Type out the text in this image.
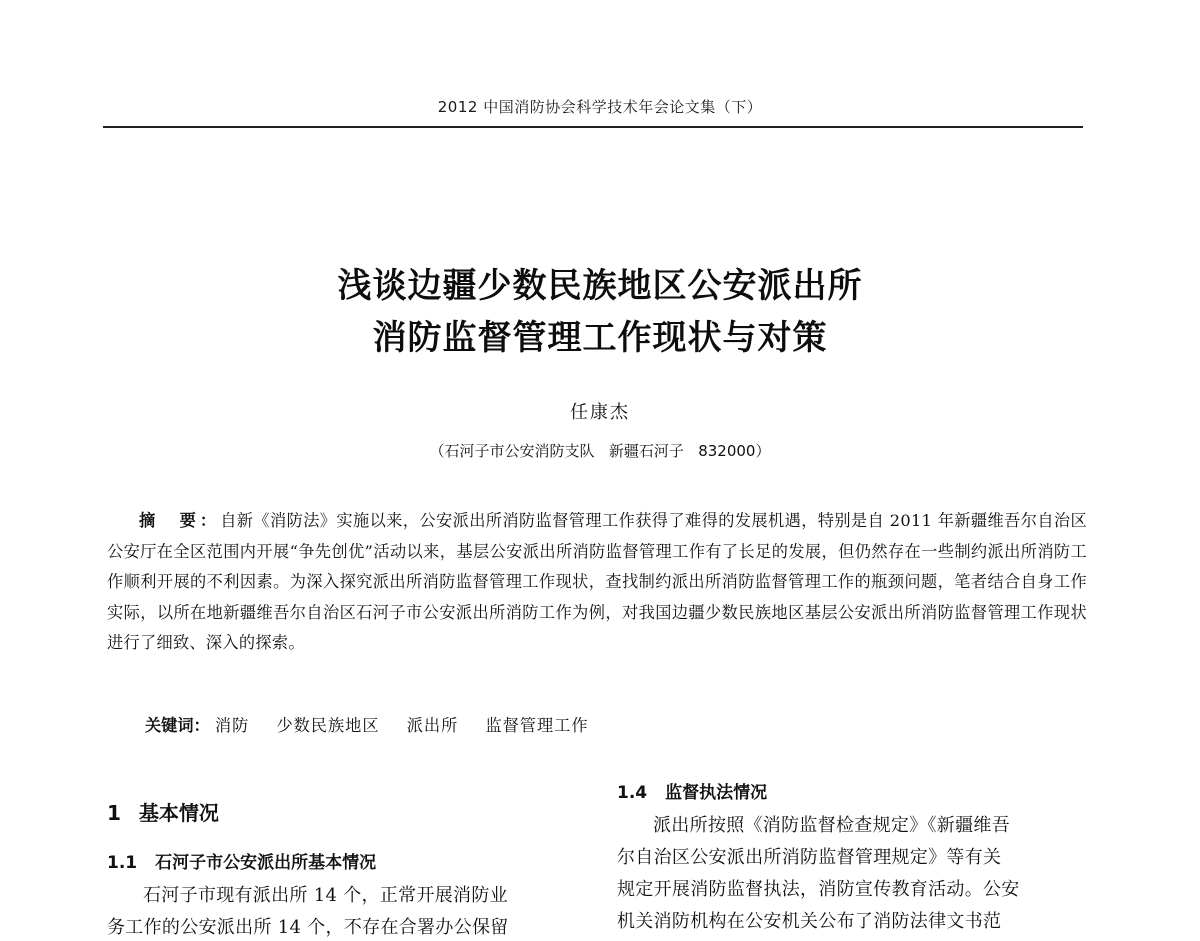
2012 中国消防协会科学技术年会论文集（下）
浅谈边疆少数民族地区公安派出所
消防监督管理工作现状与对策
任康杰
（石河子市公安消防支队 新疆石河子 832000）
摘　要：自新《消防法》实施以来，公安派出所消防监督管理工作获得了难得的发展机遇，特别是自 2011 年新疆维吾尔自治区公安厅在全区范围内开展“争先创优”活动以来，基层公安派出所消防监督管理工作有了长足的发展，但仍然存在一些制约派出所消防工作顺利开展的不利因素。为深入探究派出所消防监督管理工作现状，查找制约派出所消防监督管理工作的瓶颈问题，笔者结合自身工作实际，以所在地新疆维吾尔自治区石河子市公安派出所消防工作为例，对我国边疆少数民族地区基层公安派出所消防监督管理工作现状进行了细致、深入的探索。
关键词： 消防 少数民族地区 派出所 监督管理工作
1 基本情况
1.1 石河子市公安派出所基本情况

石河子市现有派出所 14 个，正常开展消防业

务工作的公安派出所 14 个，不存在合署办公保留

1.4 监督执法情况

派出所按照《消防监督检查规定》《新疆维吾

尔自治区公安派出所消防监督管理规定》等有关

规定开展消防监督执法，消防宣传教育活动。公安

机关消防机构在公安机关公布了消防法律文书范
